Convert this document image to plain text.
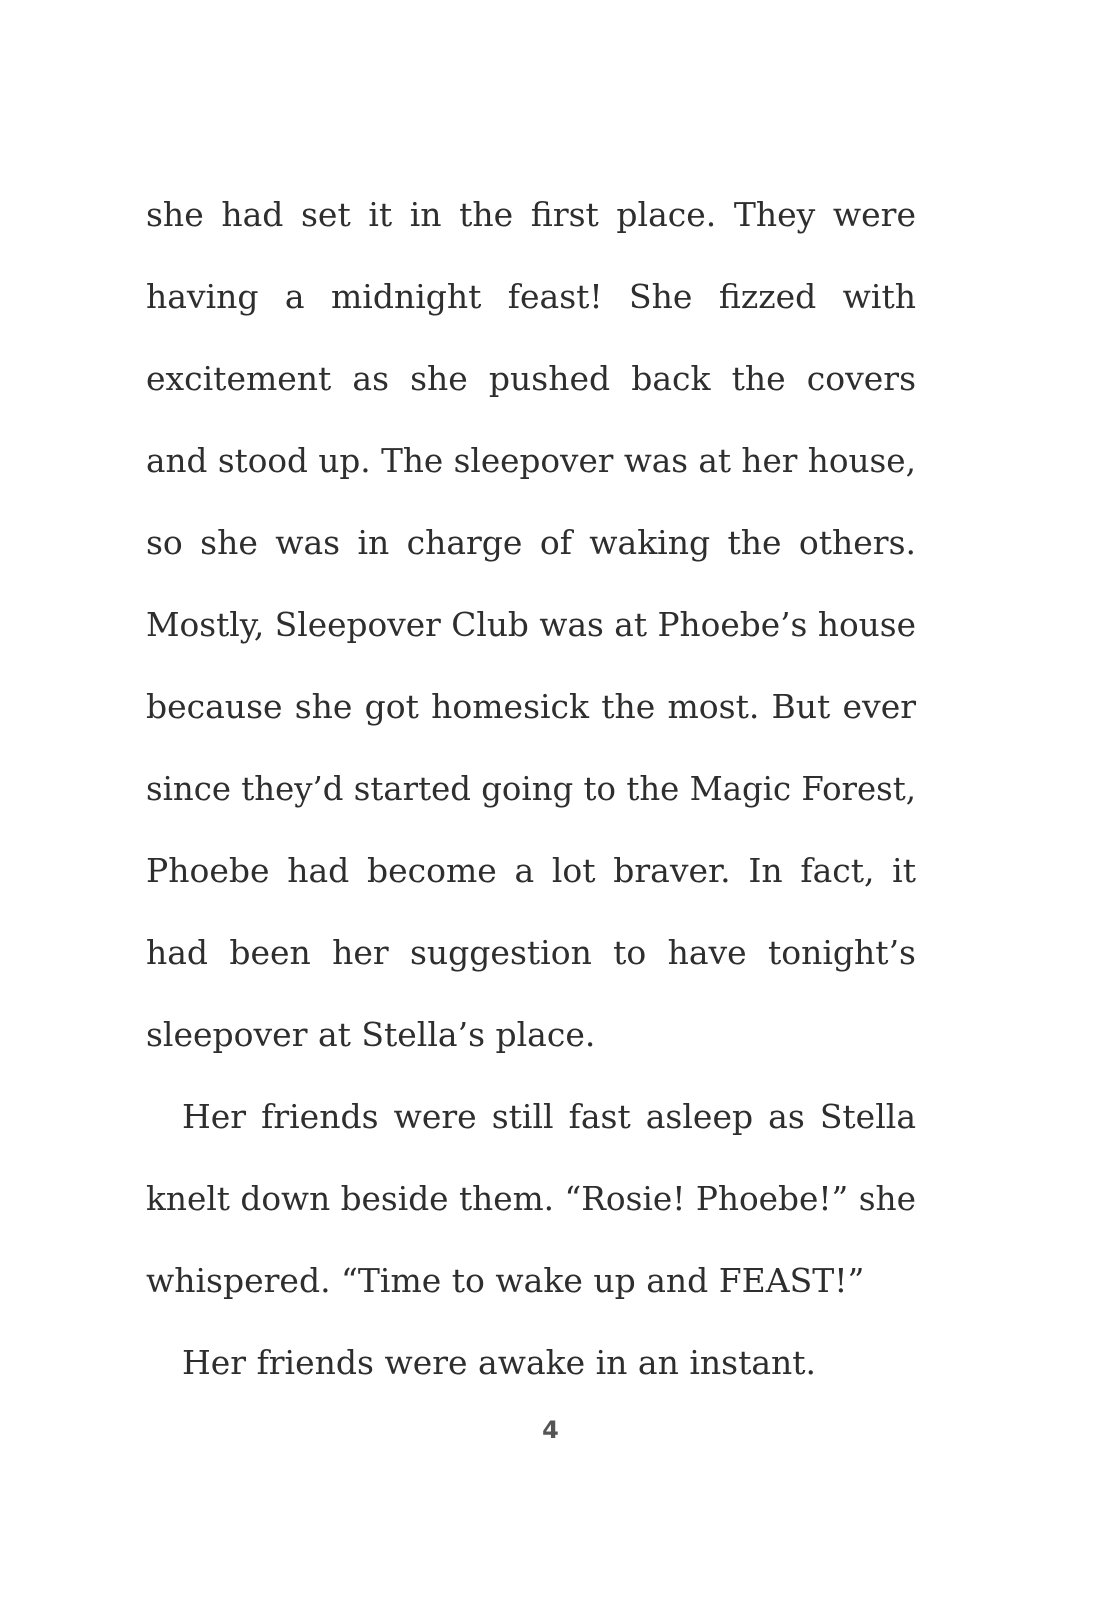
she had set it in the first place. They were
having a midnight feast! She fizzed with
excitement as she pushed back the covers
and stood up. The sleepover was at her house,
so she was in charge of waking the others.
Mostly, Sleepover Club was at Phoebe’s house
because she got homesick the most. But ever
since they’d started going to the Magic Forest,
Phoebe had become a lot braver. In fact, it
had been her suggestion to have tonight’s
sleepover at Stella’s place.
Her friends were still fast asleep as Stella
knelt down beside them. “Rosie! Phoebe!” she
whispered. “Time to wake up and FEAST!”
Her friends were awake in an instant.
4
